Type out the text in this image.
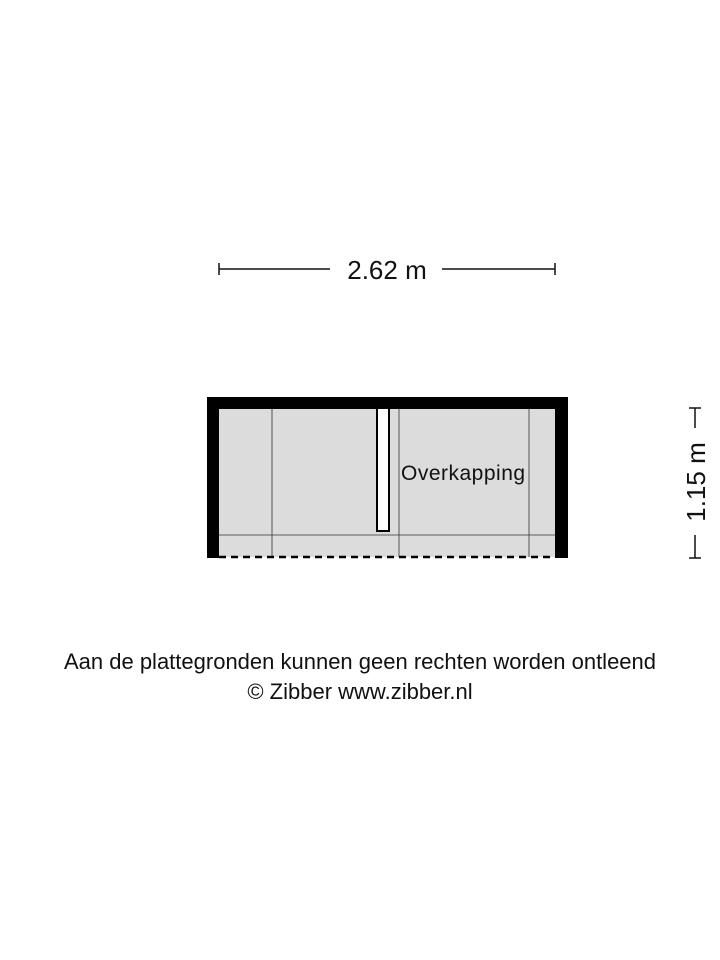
2.62 m
1.15 m
Overkapping
Aan de plattegronden kunnen geen rechten worden ontleend
© Zibber www.zibber.nl
